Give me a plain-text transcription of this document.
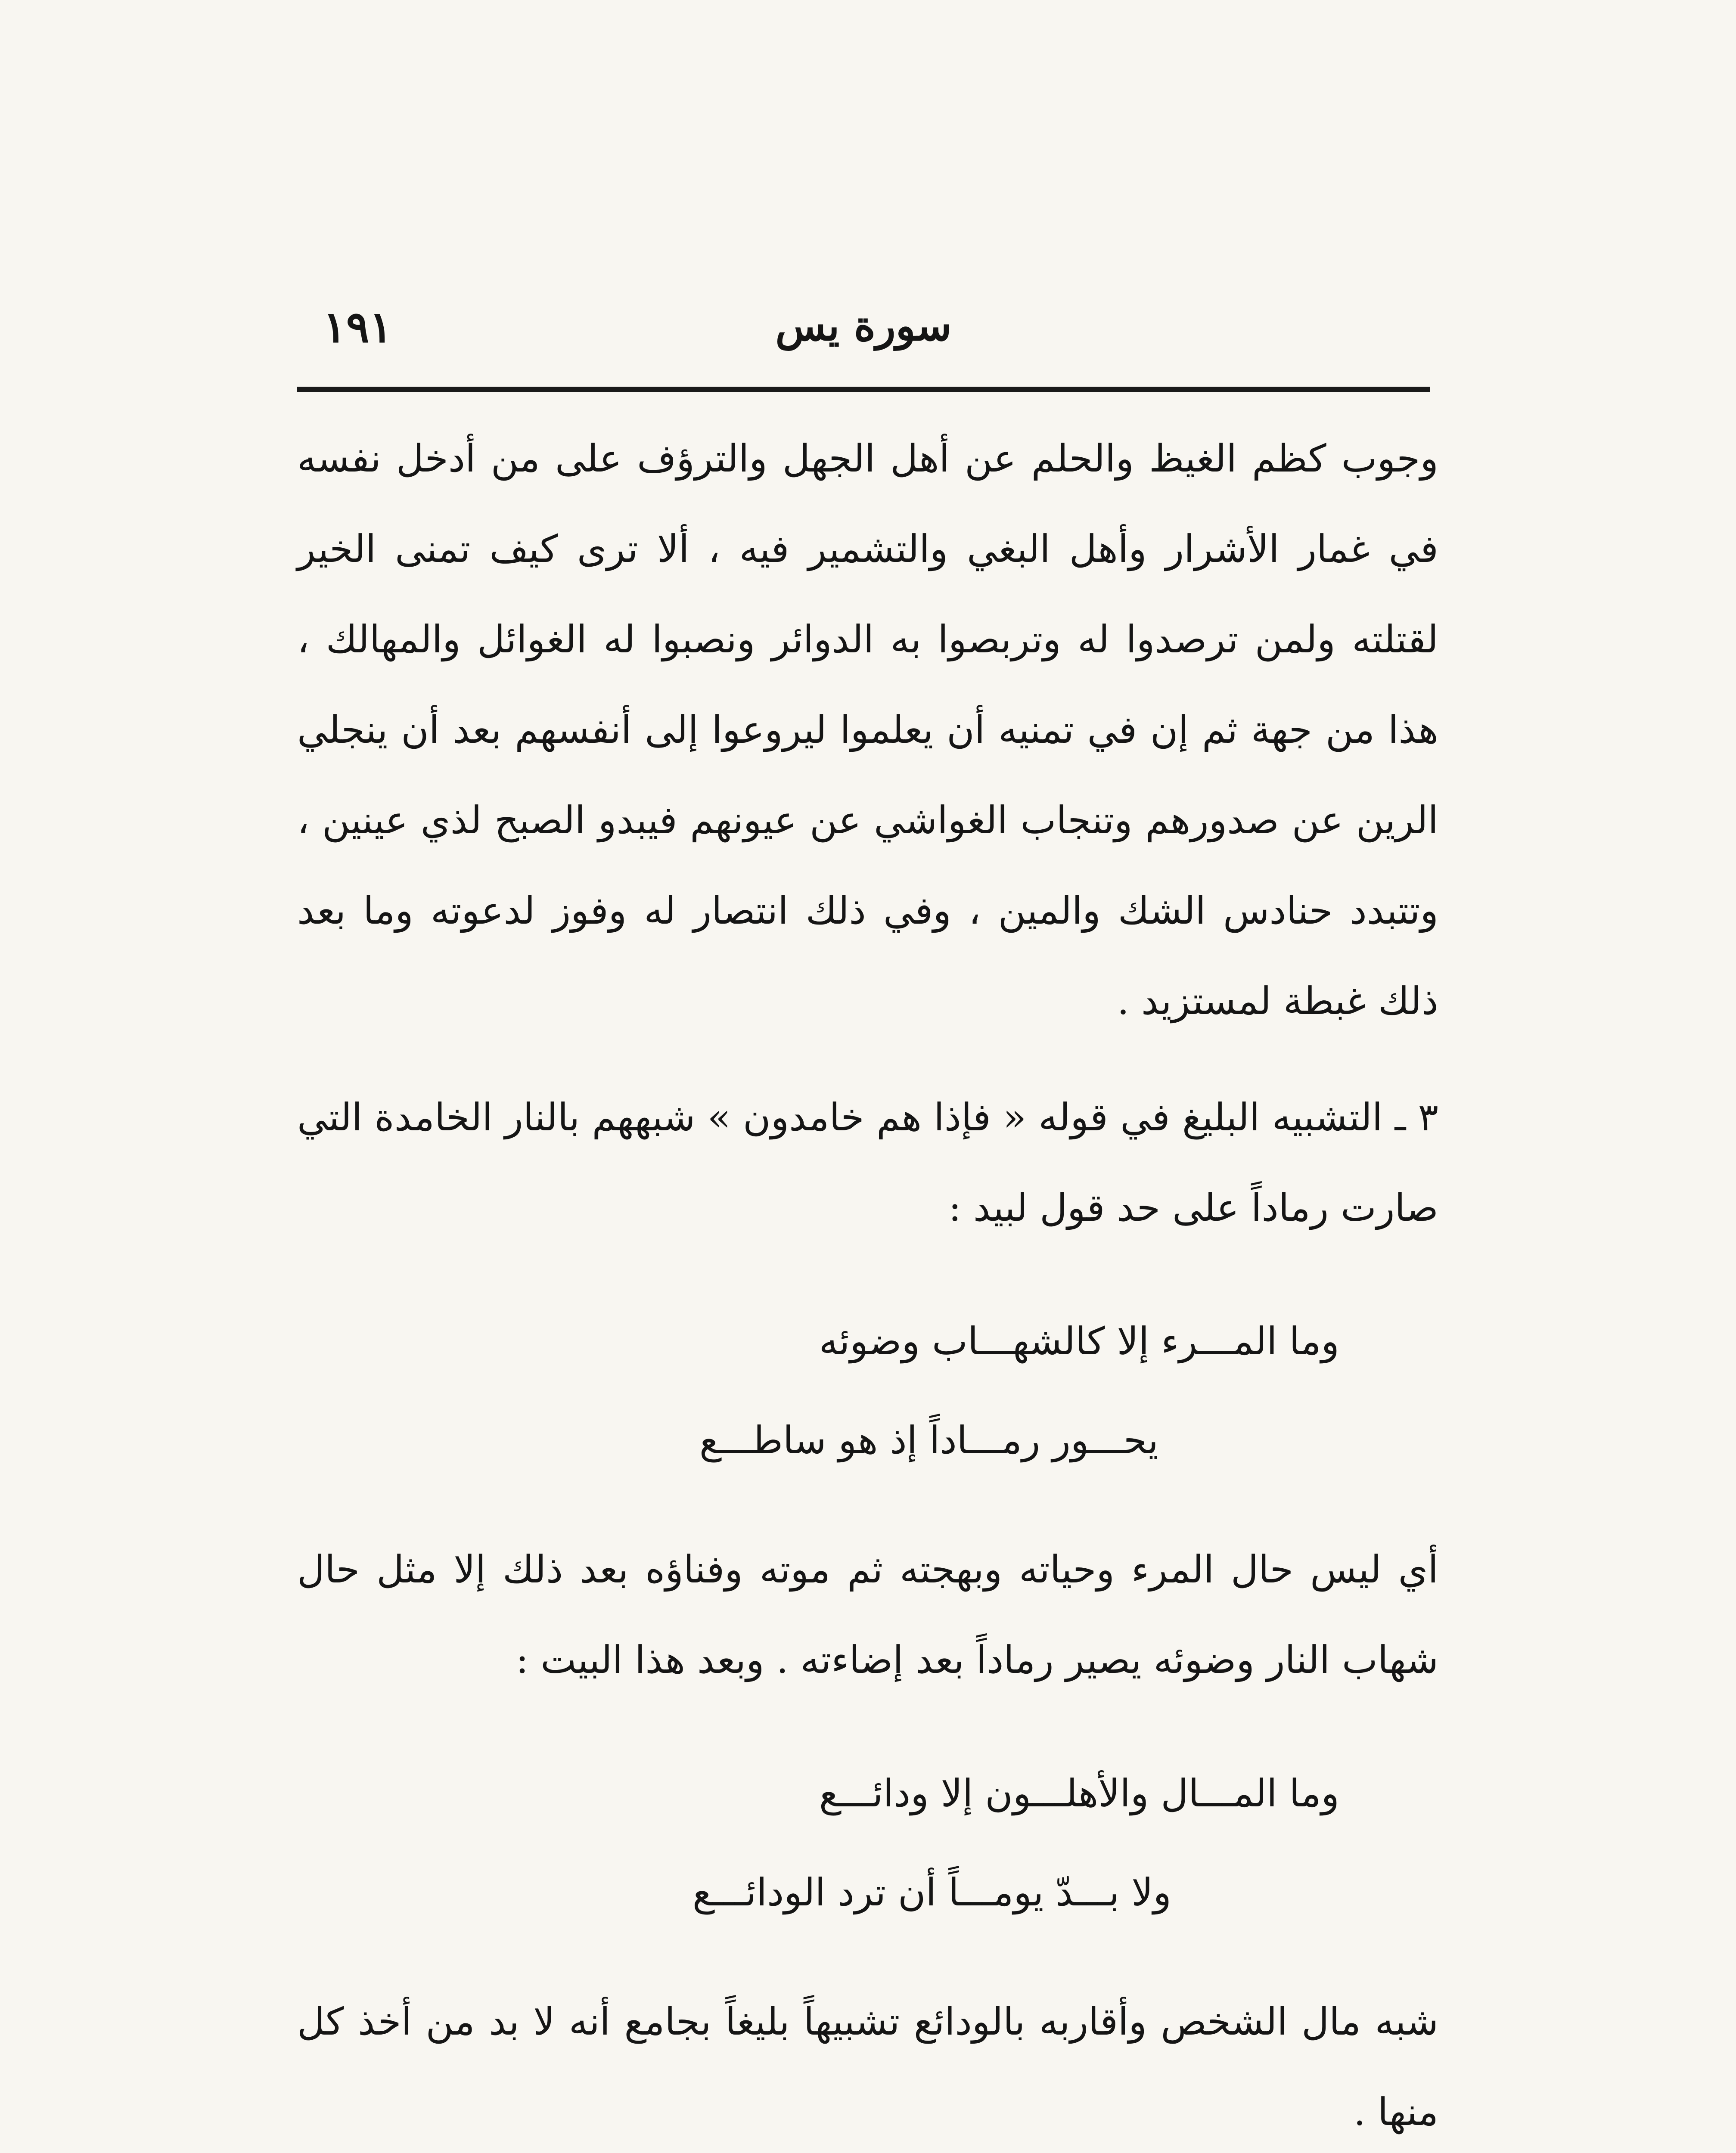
سورة يس
١٩١

وجوب كظم الغيظ والحلم عن أهل الجهل والترؤف على من أدخل نفسه في غمار الأشرار وأهل البغي والتشمير فيه ، ألا ترى كيف تمنى الخير لقتلته ولمن ترصدوا له وتربصوا به الدوائر ونصبوا له الغوائل والمهالك ، هذا من جهة ثم إن في تمنيه أن يعلموا ليروعوا إلى أنفسهم بعد أن ينجلي الرين عن صدورهم وتنجاب الغواشي عن عيونهم فيبدو الصبح لذي عينين ، وتتبدد حنادس الشك والمين ، وفي ذلك انتصار له وفوز لدعوته وما بعد ذلك غبطة لمستزيد .

٣ ـ التشبيه البليغ في قوله « فإذا هم خامدون » شبههم بالنار الخامدة التي صارت رماداً على حد قول لبيد :

وما المـــرء إلا كالشهـــاب وضوئه

يحـــور رمـــاداً إذ هو ساطـــع

أي ليس حال المرء وحياته وبهجته ثم موته وفناؤه بعد ذلك إلا مثل حال شهاب النار وضوئه يصير رماداً بعد إضاءته . وبعد هذا البيت :

وما المـــال والأهلـــون إلا ودائـــع

ولا بـــدّ يومـــاً أن ترد الودائـــع

شبه مال الشخص وأقاربه بالودائع تشبيهاً بليغاً بجامع أنه لا بد من أخذ كل منها .
